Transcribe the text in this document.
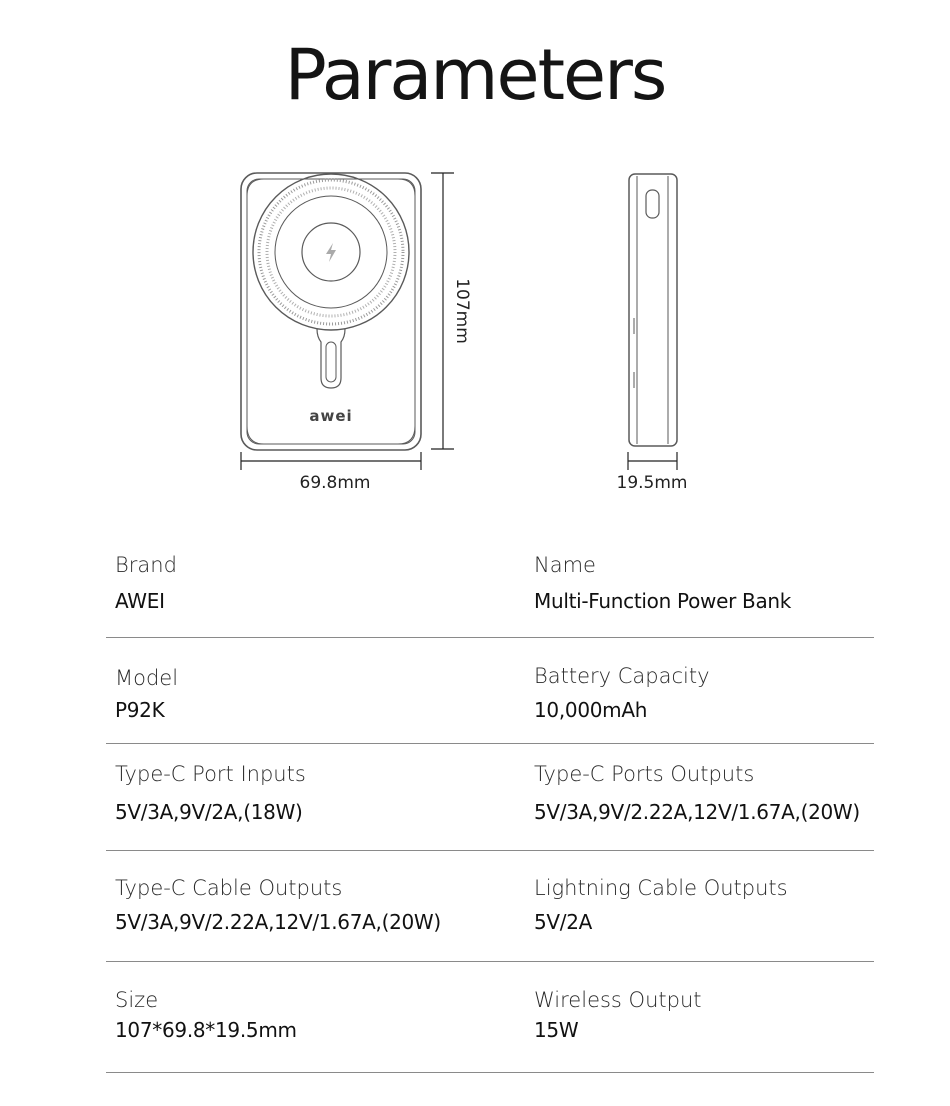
Parameters
awei
107mm
69.8mm	19.5mm
Brand
AWEI
Name
Multi-Function Power Bank
Model
P92K
Battery Capacity
10,000mAh
Type-C Port Inputs
5V/3A,9V/2A,(18W)
Type-C Ports Outputs
5V/3A,9V/2.22A,12V/1.67A,(20W)
Type-C Cable Outputs
5V/3A,9V/2.22A,12V/1.67A,(20W)
Lightning Cable Outputs
5V/2A
Size
107*69.8*19.5mm
Wireless Output
15W
